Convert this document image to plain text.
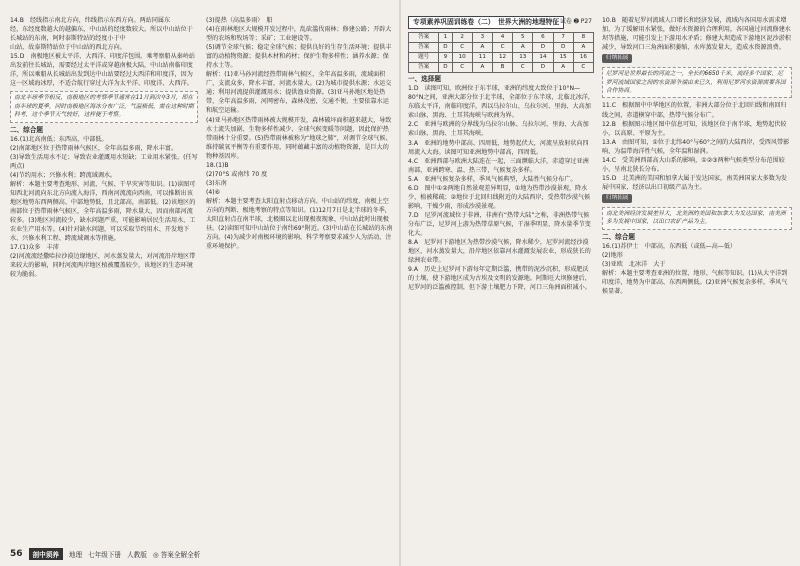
14.B　经线指示南北方向，纬线指示东西方向。两站同属东

经，东经度数越大的越偏东，中山站的经度数较大。所以中山站位于长城站的东南，阿时泰斯特站的经度小于中

山站，故泰斯特站位于中山站的西北方向。

15.D　南极地区被太平洋、大西洋、印度洋包围。乘考察船从秦岭站出发前往长城站，需要经过太平洋或穿越南极大陆，中山站南临印度洋，所以乘船从长城站出发到达中山站要经过大西洋和印度洋，因为这一区域海冰厚，不适合航行穿过大洋为太平洋、印度洋、大西洋。

南北半球季节相反，南极地区的考察季节通常在11月到次年3月，即在南半球的夏季。同时南极地区海冰分布广泛，气温极低，需在这种时期科考，这个季节天气较好，这样便于考察。

二、综合题

16.(1)北高南低；东西高，中部低。

(2)南部地区位于热带雨林气候区，全年高温多雨，降水丰富。

(3)导致生活用水不足；导致农业灌溉用水短缺；工业用水紧张。(任写两点)

(4)节约用水；兴修水利；跨流域调水。

解析：本题主要考查地形、河流、气候、干旱灾害等知识。(1)读图可知西北河流向东北方向流入海洋，西南河流流向西南，可以推断出该地区地势东西两侧高、中部地势低，且北部高，南部低。(2)该地区的南部位于热带雨林气候区，全年高温多雨，降水量大，因而南部河流较多。(3)地区河流较少，缺水问题严重，可能影响居民生活用水、工农业生产用水等。(4)针对缺水问题，可以采取节约用水、开发地下水、兴修水利工程、跨流域调水等措施。

17.(1)众多　丰沛

(2)河流流经撒哈拉沙漠边缘地区，河水蒸发量大，对河流沿岸地区带来较大的影响，同时河流两岸地区植被覆盖较少，该地区的生态环境较为脆弱。

(3)提热（高温多雨）　船

(4)在雨林地区大规模开发过程中，乱砍滥伐雨林；修建公路；开辟大型的农场和牧场等；采矿；工业建设等。

(5)调节全球气候；稳定全球气候；提供良好的生存生活环境；提供丰富的动植物资源；提供木材和药材；保护生物多样性；涵养水源；保持水土等。

解析：(1)亚马孙河流经热带雨林气候区，全年高温多雨，流域面积广，支流众多，降水丰富，河流水量大。(2)为城市提供水源；水运交通；利用河流提供灌溉用水；提供渔业资源。(3)亚马孙地区地处热带，全年高温多雨，河网密布，森林茂密，交通不便，主要依靠水运和航空运输。

(4)亚马孙地区热带雨林被大规模开发，森林破坏面积越来越大，导致水土流失加剧、生物多样性减少、全球气候变暖等问题，因此保护热带雨林十分重要。(5)热带雨林被称为“地球之肺”，对调节全球气候、维持碳氧平衡等有重要作用，同时蕴藏丰富的动植物资源，是巨大的物种基因库。

18.(1)B

(2)70°S 或南纬 70 度

(3)东南

(4)⑥

解析：本题主要考查太阳直射点移动方向、中山站的纬度、南极上空方向的判断、极地考察的特点等知识。(1)12月7日是北半球的冬季，太阳直射点在南半球，北极圈以北出现极夜现象，中山站此时出现极昼。(2)读图可知中山站位于南纬69°附近。(3)中山站在长城站的东南方向。(4)为减少对南极环境的影响，科学考察要求减少人为活动，注重环境保护。

专项素养巩固训练卷（二）　世界大洲的地理特征 试卷 ➋ P27
答案	1	2	3	4	5	6	7	8
答案	D	C	A	C	A	D	D	A
题号	9	10	11	12	13	14	15	16
答案	D	C	A	B	C	D	A	C

一、选择题

1.D　读图可知，欧洲位于东半球，亚洲的纬度大致位于10°N—80°N之间，亚洲大部分位于北半球，全部位于东半球，北临北冰洋，东临太平洋，南临印度洋，西以乌拉尔山、乌拉尔河、里海、大高加索山脉、黑海、土耳其海峡与欧洲为界。

2.C　亚洲与欧洲的分界线为乌拉尔山脉、乌拉尔河、里海、大高加索山脉、黑海、土耳其海峡。

3.A　亚洲的地势中部高、四周低，地势起伏大，河流呈放射状向四周流入大海。读图可知亚洲地势中部高，四周低。

4.C　亚洲西部与欧洲大陆连在一起，三面濒临大洋，赤道穿过亚洲南部，亚洲跨寒、温、热三带，气候复杂多样。

5.A　亚洲气候复杂多样，季风气候典型，大陆性气候分布广。

6.D　图中①②两地自然景观差异明显，①地为热带沙漠景观，降水少，植被稀疏；②地位于北回归线附近的大陆西岸，受热带沙漠气候影响，干燥少雨，形成沙漠景观。

7.D　尼罗河流域位于非洲，非洲有“热带大陆”之称，非洲热带气候分布广泛，尼罗河上游为热带草原气候，干湿季明显，降水量季节变化大。

8.A　尼罗河下游地区为热带沙漠气候，降水稀少，尼罗河流经沙漠地区，河水蒸发量大，沿岸地区依靠河水灌溉发展农业，形成狭长的绿洲农业带。

9.A　历史上尼罗河下游每年定期泛滥，携带的泥沙沉积，形成肥沃的土壤，使下游地区成为古埃及文明的发源地。阿斯旺大坝修建后，尼罗河的泛滥被控制，但下游土壤肥力下降，河口三角洲面积减小。

10.B　随着尼罗河流域人口增长和经济发展，流域内各国用水需求增加，为了缓解用水紧张，做好水资源的合理利用，各国通过河流修建水坝等措施，可能引发上下游用水矛盾；修建大坝造成下游地区泥沙淤积减少，导致河口三角洲面积萎缩，水库蒸发量大，造成水资源浪费。

归纳拓展

尼罗河是世界最长的河流之一，全长约6650千米，流经多个国家，尼罗河流域国家之间的水资源争端由来已久，利用尼罗河水资源需要各国合作协商。

11.C　根据图中中华地区的位置，非洲大部分位于北回归线和南回归线之间，赤道横穿中部，热带气候分布广。

12.B　根据图示地区图中信息可知，该地区位于南半球，地势起伏较小，以高原、平原为主。

13.A　由图可知，①位于北纬40°与60°之间的大陆西岸，受西风带影响，为温带海洋性气候，全年温和湿润。

14.C　受美洲西部高大山系的影响，①②③两种气候类型分布范围较小，呈南北狭长分布。

15.D　北美洲的美国和加拿大属于发达国家，南美洲国家大多数为发展中国家，经济以出口初级产品为主。

归纳拓展

南北美洲经济发展差异大，北美洲的美国和加拿大为发达国家，南美洲多为发展中国家，以出口农矿产品为主。

二、综合题

16.(1)苏伊士　中部高，东西低（或低—高—低）

(2)地形

(3)亚欧　北冰洋　大于

解析：本题主要考查亚洲的位置、地形、气候等知识。(1)从大平洋到印度洋，地势为中部高、东西两侧低。(2)亚洲气候复杂多样，季风气候显著。

56	剖中须养	地理 七年级下册 人教版 ◎ 答案全解全析
